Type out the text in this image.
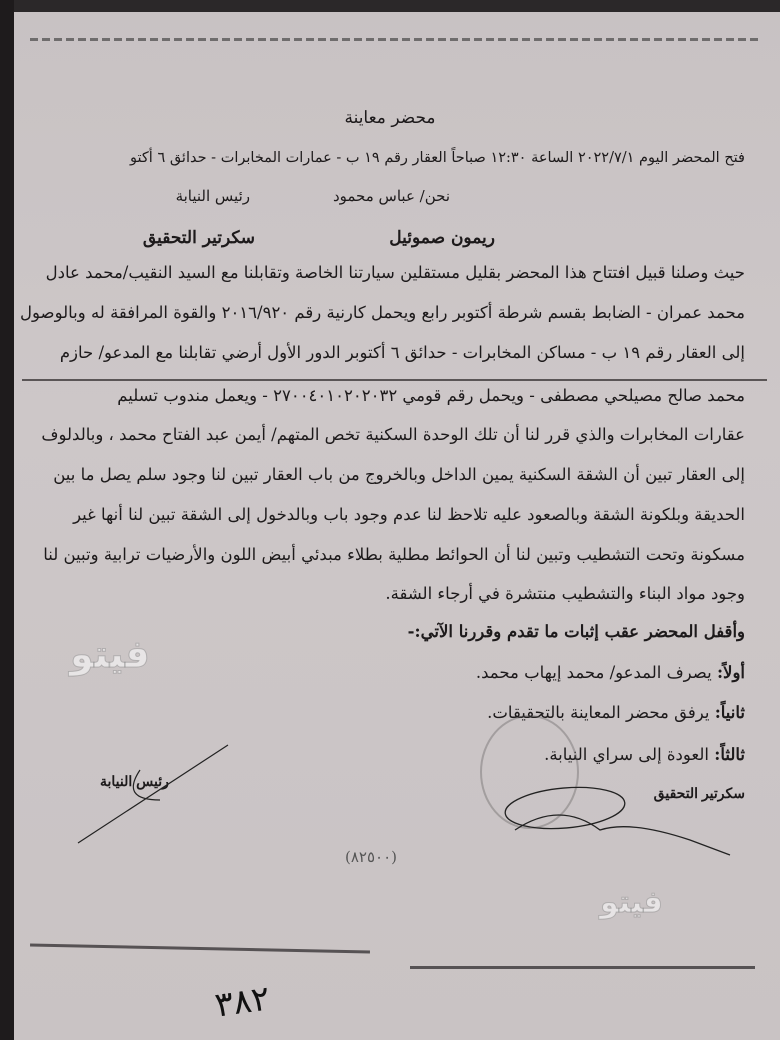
محضر معاينة
فتح المحضر اليوم ٢٠٢٢/٧/١ الساعة ١٢:٣٠ صباحاً العقار رقم ١٩ ب - عمارات المخابرات - حدائق ٦ أكتو
نحن/ عباس محمود
رئيس النيابة
ريمون صموئيل
سكرتير التحقيق
حيث وصلنا قبيل افتتاح هذا المحضر بقليل مستقلين سيارتنا الخاصة وتقابلنا مع السيد النقيب/محمد عادل
محمد عمران - الضابط بقسم شرطة أكتوبر رابع ويحمل كارنية رقم ٢٠١٦/٩٢٠ والقوة المرافقة له وبالوصول
إلى العقار رقم ١٩ ب - مساكن المخابرات - حدائق ٦ أكتوبر الدور الأول أرضي تقابلنا مع المدعو/ حازم
محمد صالح مصيلحي مصطفى - ويحمل رقم قومي ٢٧٠٠٤٠١٠٢٠٢٠٣٢ - ويعمل مندوب تسليم
عقارات المخابرات والذي قرر لنا أن تلك الوحدة السكنية تخص المتهم/ أيمن عبد الفتاح محمد ، وبالدلوف
إلى العقار تبين أن الشقة السكنية يمين الداخل وبالخروج من باب العقار تبين لنا وجود سلم يصل ما بين
الحديقة وبلكونة الشقة وبالصعود عليه تلاحظ لنا عدم وجود باب وبالدخول إلى الشقة تبين لنا أنها غير
مسكونة وتحت التشطيب وتبين لنا أن الحوائط مطلية بطلاء مبدئي أبيض اللون والأرضيات ترابية وتبين لنا
وجود مواد البناء والتشطيب منتشرة في أرجاء الشقة.
وأقفل المحضر عقب إثبات ما تقدم وقررنا الآتي:-
أولاً: يصرف المدعو/ محمد إيهاب محمد.
ثانياً: يرفق محضر المعاينة بالتحقيقات.
ثالثاً: العودة إلى سراي النيابة.
رئيس النيابة
سكرتير التحقيق
(٨٢٥٠٠)
فيتو
فيتو
٣٨٢
